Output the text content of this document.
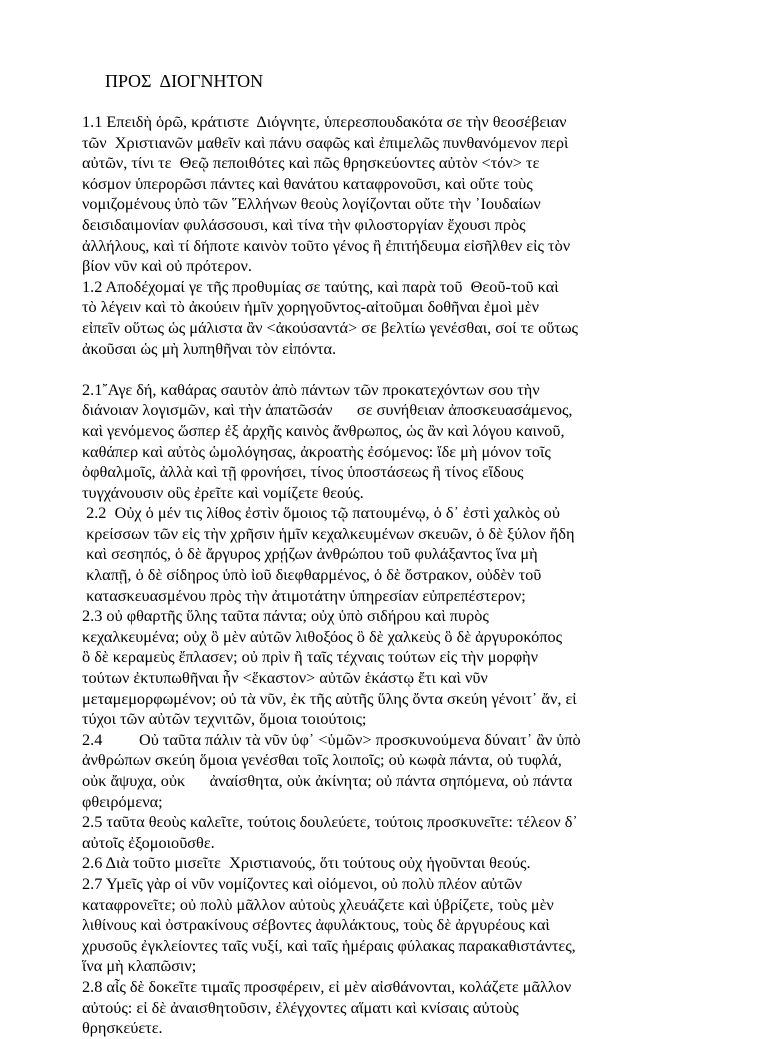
ΠΡΟΣ  ΔΙΟΓΝΗΤΟΝ
1.1 Επειδὴ ὁρῶ, κράτιστε  Διόγνητε, ὑπερεσπουδακότα σε τὴν θεοσέβειαν
τῶν  Χριστιανῶν μαθεῖν καὶ πάνυ σαφῶς καὶ ἐπιμελῶς πυνθανόμενον περὶ
αὐτῶν, τίνι τε  Θεῷ πεποιθότες καὶ πῶς θρησκεύοντες αὐτὸν <τόν> τε
κόσμον ὑπερορῶσι πάντες καὶ θανάτου καταφρονοῦσι, καὶ οὔτε τοὺς
νομιζομένους ὑπὸ τῶν ῞Ελλήνων θεοὺς λογίζονται οὔτε τὴν ᾽Ιουδαίων
δεισιδαιμονίαν φυλάσσουσι, καὶ τίνα τὴν φιλοστοργίαν ἔχουσι πρὸς
ἀλλήλους, καὶ τί δήποτε καινὸν τοῦτο γένος ἢ ἐπιτήδευμα εἰσῆλθεν εἰς τὸν
βίον νῦν καὶ οὐ πρότερον.
1.2 Αποδέχομαί γε τῆς προθυμίας σε ταύτης, καὶ παρὰ τοῦ  Θεοῦ-τοῦ καὶ
τὸ λέγειν καὶ τὸ ἀκούειν ἡμῖν χορηγοῦντος-αἰτοῦμαι δοθῆναι ἐμοὶ μὲν
εἰπεῖν οὕτως ὡς μάλιστα ἂν <ἀκούσαντά> σε βελτίω γενέσθαι, σοί τε οὕτως
ἀκοῦσαι ὡς μὴ λυπηθῆναι τὸν εἰπόντα.
2.1῎Αγε δή, καθάρας σαυτὸν ἀπὸ πάντων τῶν προκατεχόντων σου τὴν
διάνοιαν λογισμῶν, καὶ τὴν ἀπατῶσάν      σε συνήθειαν ἀποσκευασάμενος,
καὶ γενόμενος ὥσπερ ἐξ ἀρχῆς καινὸς ἄνθρωπος, ὡς ἂν καὶ λόγου καινοῦ,
καθάπερ καὶ αὐτὸς ὡμολόγησας, ἀκροατὴς ἐσόμενος: ἴδε μὴ μόνον τοῖς
ὀφθαλμοῖς, ἀλλὰ καὶ τῇ φρονήσει, τίνος ὑποστάσεως ἢ τίνος εἴδους
τυγχάνουσιν οὓς ἐρεῖτε καὶ νομίζετε θεούς.
2.2  Οὐχ ὁ μέν τις λίθος ἐστὶν ὅμοιος τῷ πατουμένῳ, ὁ δ᾽ ἐστὶ χαλκὸς οὐ
κρείσσων τῶν εἰς τὴν χρῆσιν ἡμῖν κεχαλκευμένων σκευῶν, ὁ δὲ ξύλον ἤδη
καὶ σεσηπός, ὁ δὲ ἄργυρος χρῄζων ἀνθρώπου τοῦ φυλάξαντος ἵνα μὴ
κλαπῇ, ὁ δὲ σίδηρος ὑπὸ ἰοῦ διεφθαρμένος, ὁ δὲ ὄστρακον, οὐδὲν τοῦ
κατασκευασμένου πρὸς τὴν ἀτιμοτάτην ὑπηρεσίαν εὐπρεπέστερον;
2.3 οὐ φθαρτῆς ὕλης ταῦτα πάντα; οὐχ ὑπὸ σιδήρου καὶ πυρὸς
κεχαλκευμένα; οὐχ ὃ μὲν αὐτῶν λιθοξόος ὃ δὲ χαλκεὺς ὃ δὲ ἀργυροκόπος
ὃ δὲ κεραμεὺς ἔπλασεν; οὐ πρὶν ἢ ταῖς τέχναις τούτων εἰς τὴν μορφὴν
τούτων ἐκτυπωθῆναι ἦν <ἕκαστον> αὐτῶν ἑκάστῳ ἔτι καὶ νῦν
μεταμεμορφωμένον; οὐ τὰ νῦν, ἐκ τῆς αὐτῆς ὕλης ὄντα σκεύη γένοιτ᾽ ἄν, εἰ
τύχοι τῶν αὐτῶν τεχνιτῶν, ὅμοια τοιούτοις;
2.4         Οὐ ταῦτα πάλιν τὰ νῦν ὑφ᾽ <ὑμῶν> προσκυνούμενα δύναιτ᾽ ἂν ὑπὸ
ἀνθρώπων σκεύη ὅμοια γενέσθαι τοῖς λοιποῖς; οὐ κωφὰ πάντα, οὐ τυφλά,
οὐκ ἄψυχα, οὐκ      ἀναίσθητα, οὐκ ἀκίνητα; οὐ πάντα σηπόμενα, οὐ πάντα
φθειρόμενα;
2.5 ταῦτα θεοὺς καλεῖτε, τούτοις δουλεύετε, τούτοις προσκυνεῖτε: τέλεον δ᾽
αὐτοῖς ἐξομοιοῦσθε.
2.6 Διὰ τοῦτο μισεῖτε  Χριστιανούς, ὅτι τούτους οὐχ ἡγοῦνται θεούς.
2.7 Υμεῖς γὰρ οἱ νῦν νομίζοντες καὶ οἰόμενοι, οὐ πολὺ πλέον αὐτῶν
καταφρονεῖτε; οὐ πολὺ μᾶλλον αὐτοὺς χλευάζετε καὶ ὑβρίζετε, τοὺς μὲν
λιθίνους καὶ ὀστρακίνους σέβοντες ἀφυλάκτους, τοὺς δὲ ἀργυρέους καὶ
χρυσοῦς ἐγκλείοντες ταῖς νυξί, καὶ ταῖς ἡμέραις φύλακας παρακαθιστάντες,
ἵνα μὴ κλαπῶσιν;
2.8 αἷς δὲ δοκεῖτε τιμαῖς προσφέρειν, εἰ μὲν αἰσθάνονται, κολάζετε μᾶλλον
αὐτούς: εἰ δὲ ἀναισθητοῦσιν, ἐλέγχοντες αἵματι καὶ κνίσαις αὐτοὺς
θρησκεύετε.
